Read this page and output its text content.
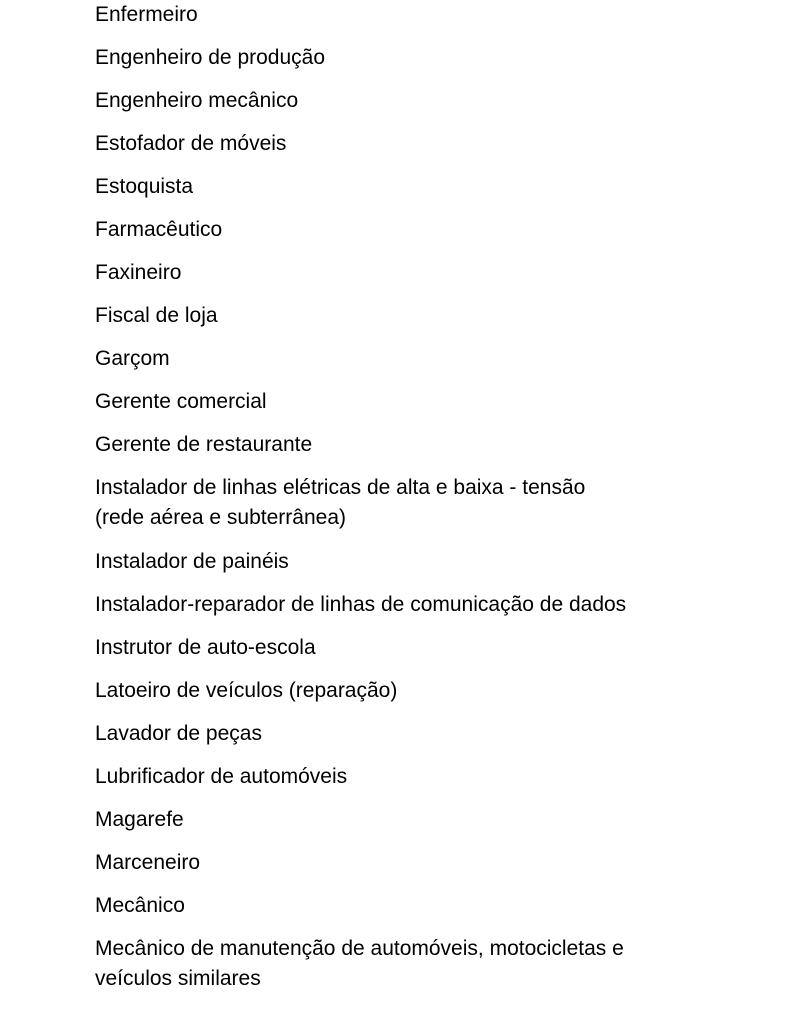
Enfermeiro
Engenheiro de produção
Engenheiro mecânico
Estofador de móveis
Estoquista
Farmacêutico
Faxineiro
Fiscal de loja
Garçom
Gerente comercial
Gerente de restaurante
Instalador de linhas elétricas de alta e baixa - tensão
(rede aérea e subterrânea)
Instalador de painéis
Instalador-reparador de linhas de comunicação de dados
Instrutor de auto-escola
Latoeiro de veículos (reparação)
Lavador de peças
Lubrificador de automóveis
Magarefe
Marceneiro
Mecânico
Mecânico de manutenção de automóveis, motocicletas e
veículos similares
